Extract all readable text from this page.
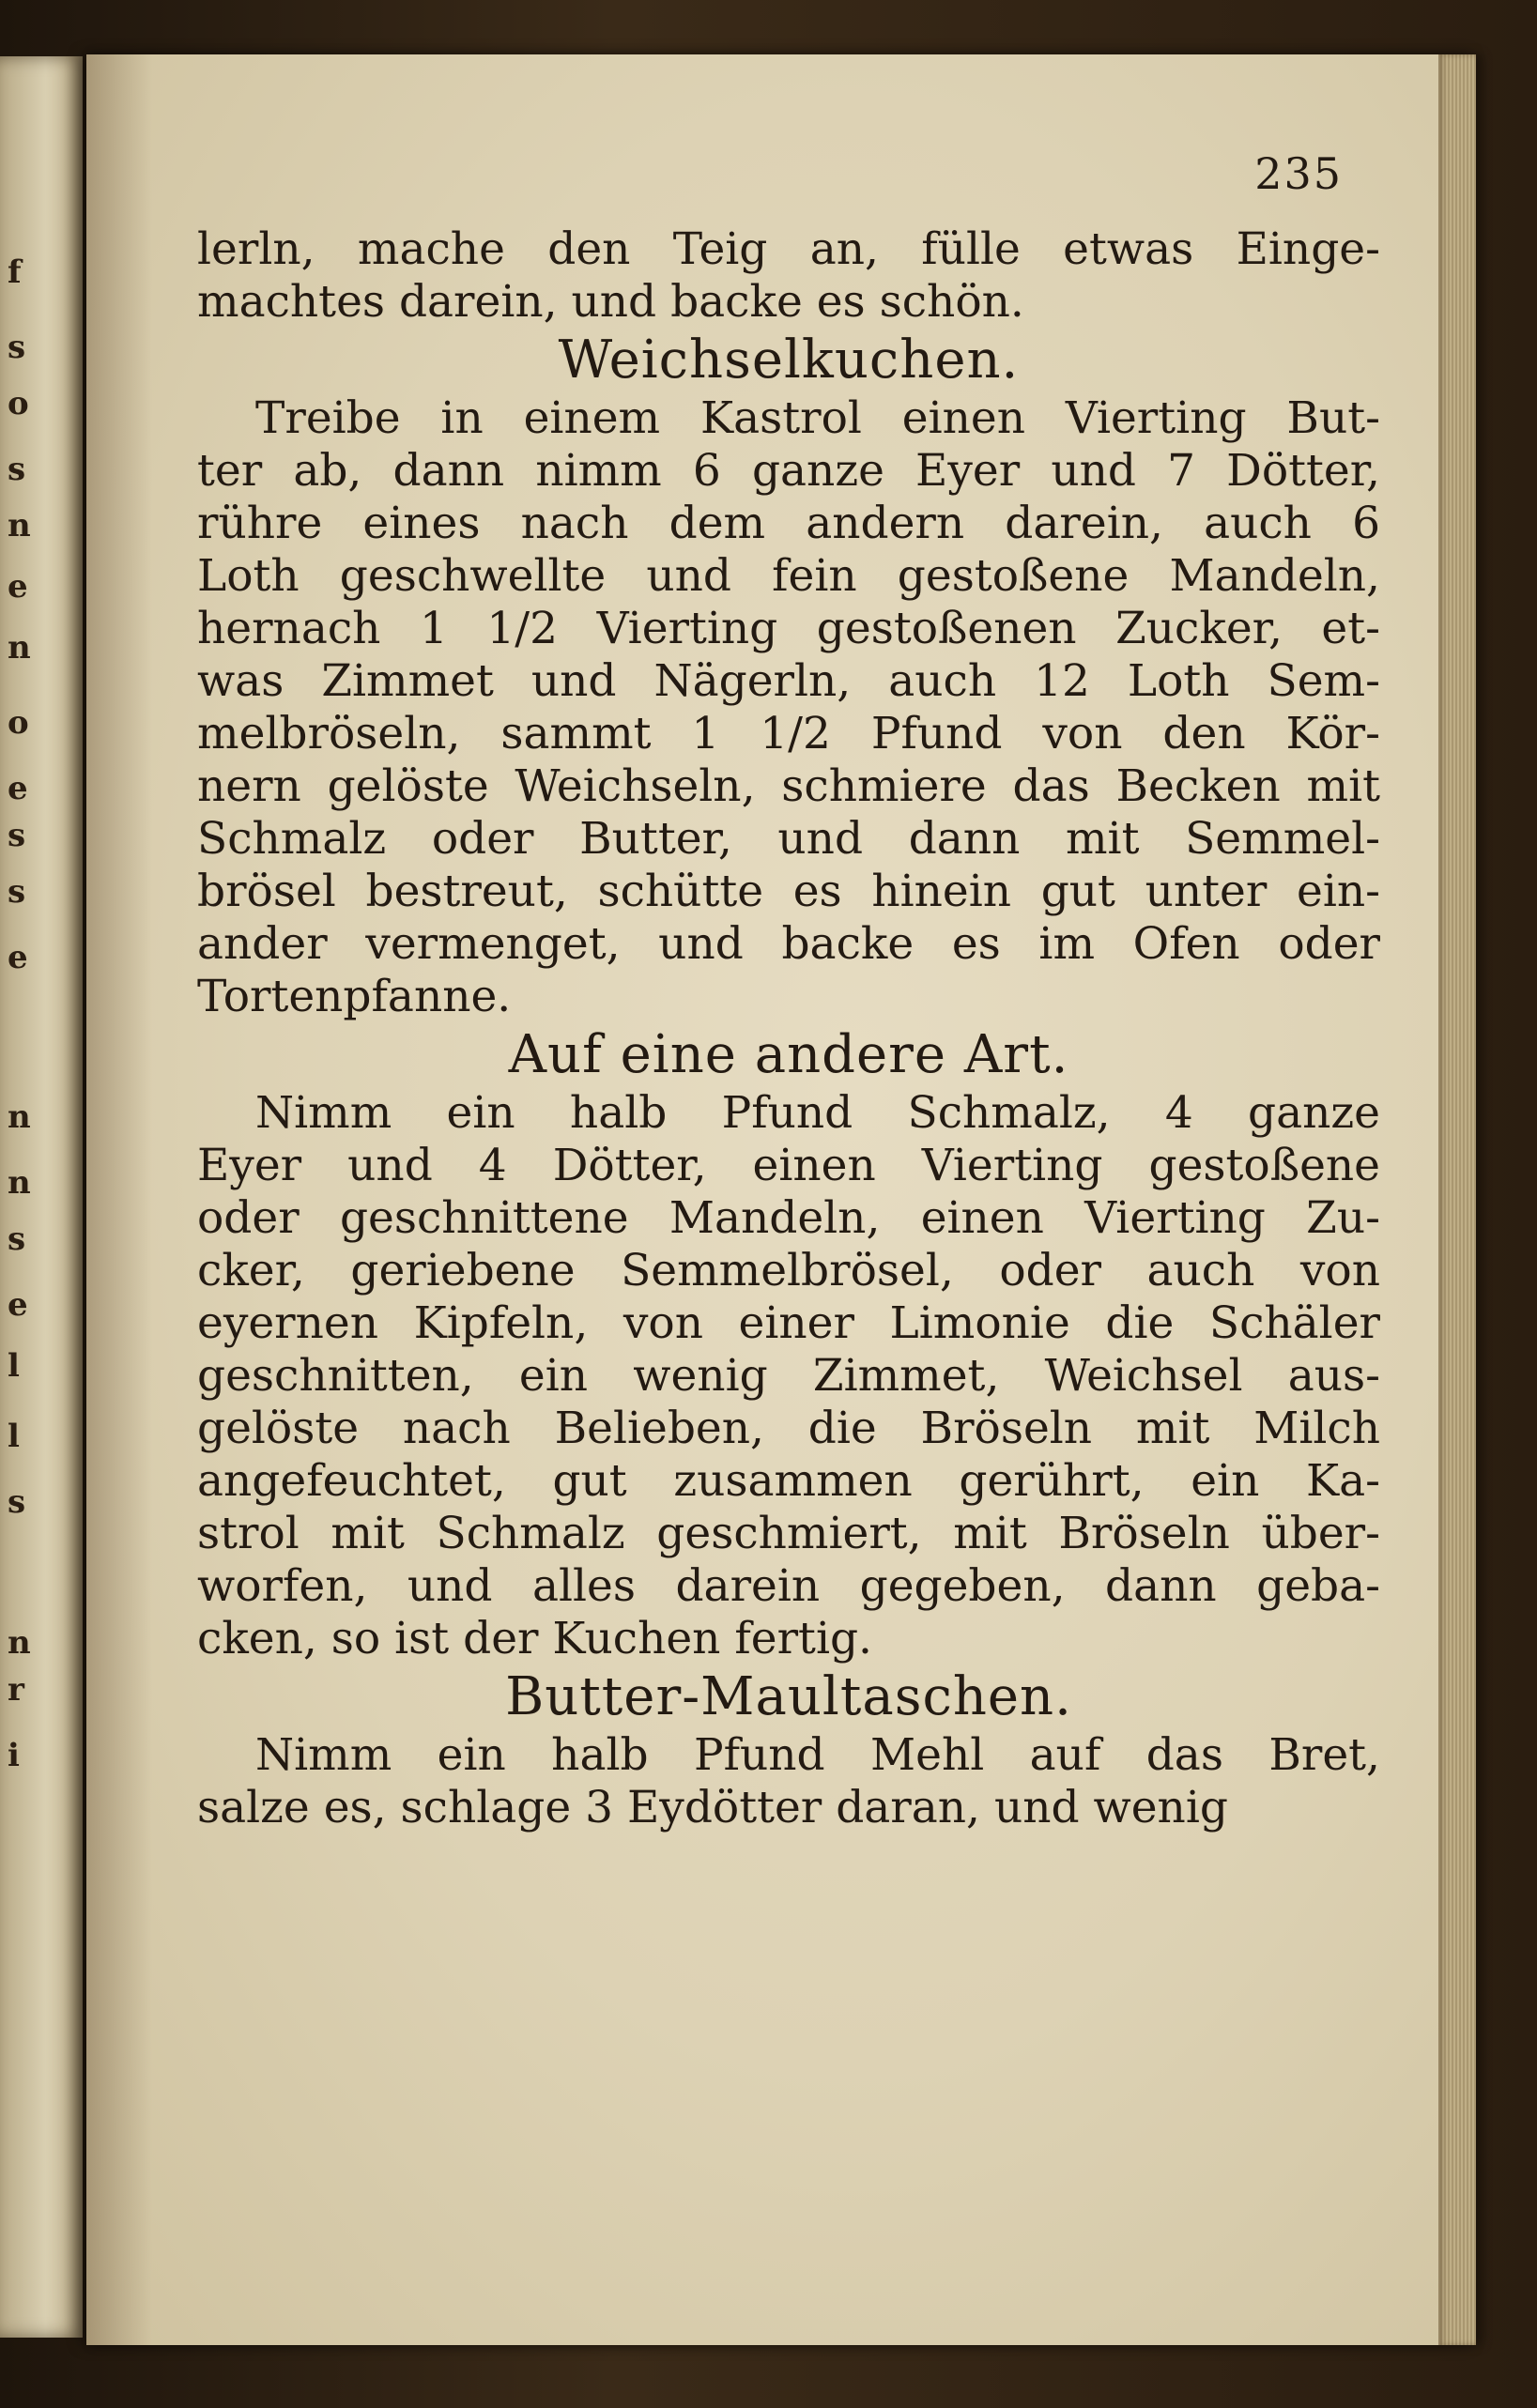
f
s
o
s
n
e
n
o
e
s
s
e
n
n
s
e
l
l
s
n
r
i
235
lerln, mache den Teig an, fülle etwas Einge-
machtes darein, und backe es schön.
Weichselkuchen.
Treibe in einem Kastrol einen Vierting But-
ter ab, dann nimm 6 ganze Eyer und 7 Dötter,
rühre eines nach dem andern darein, auch 6
Loth geschwellte und fein gestoßene Mandeln,
hernach 1 1/2 Vierting gestoßenen Zucker, et-
was Zimmet und Nägerln, auch 12 Loth Sem-
melbröseln, sammt 1 1/2 Pfund von den Kör-
nern gelöste Weichseln, schmiere das Becken mit
Schmalz oder Butter, und dann mit Semmel-
brösel bestreut, schütte es hinein gut unter ein-
ander vermenget, und backe es im Ofen oder
Tortenpfanne.
Auf eine andere Art.
Nimm ein halb Pfund Schmalz, 4 ganze
Eyer und 4 Dötter, einen Vierting gestoßene
oder geschnittene Mandeln, einen Vierting Zu-
cker, geriebene Semmelbrösel, oder auch von
eyernen Kipfeln, von einer Limonie die Schäler
geschnitten, ein wenig Zimmet, Weichsel aus-
gelöste nach Belieben, die Bröseln mit Milch
angefeuchtet, gut zusammen gerührt, ein Ka-
strol mit Schmalz geschmiert, mit Bröseln über-
worfen, und alles darein gegeben, dann geba-
cken, so ist der Kuchen fertig.
Butter-Maultaschen.
Nimm ein halb Pfund Mehl auf das Bret,
salze es, schlage 3 Eydötter daran, und wenig
